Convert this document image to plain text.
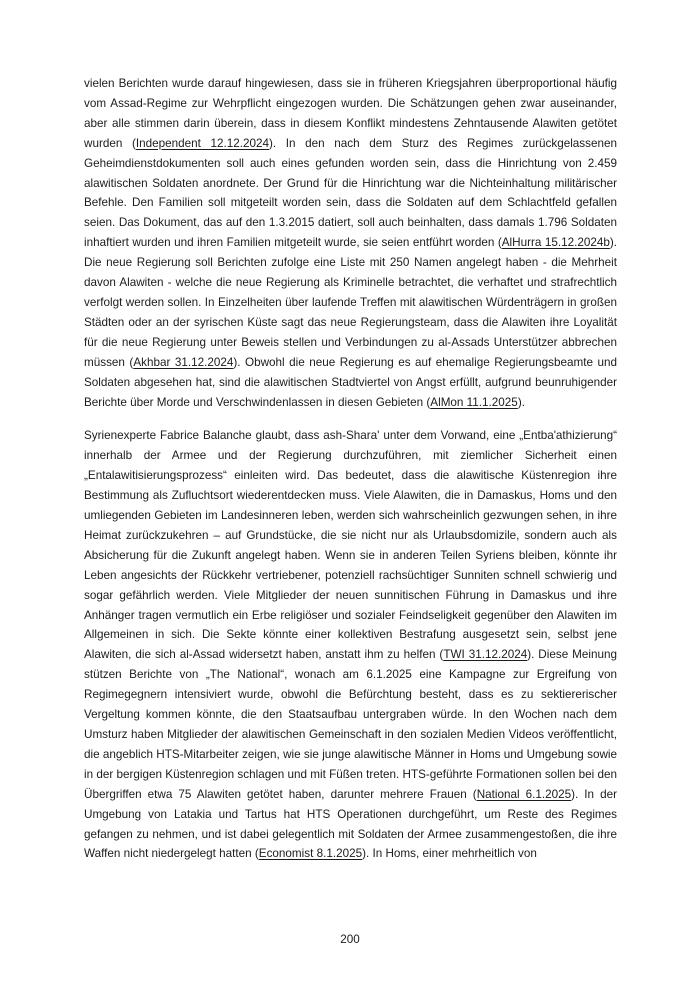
vielen Berichten wurde darauf hingewiesen, dass sie in früheren Kriegsjahren überproportional häufig vom Assad-Regime zur Wehrpflicht eingezogen wurden. Die Schätzungen gehen zwar auseinander, aber alle stimmen darin überein, dass in diesem Konflikt mindestens Zehntausende Alawiten getötet wurden (Independent 12.12.2024). In den nach dem Sturz des Regimes zurückgelassenen Geheimdienstdokumenten soll auch eines gefunden worden sein, dass die Hinrichtung von 2.459 alawitischen Soldaten anordnete. Der Grund für die Hinrichtung war die Nichteinhaltung militärischer Befehle. Den Familien soll mitgeteilt worden sein, dass die Soldaten auf dem Schlachtfeld gefallen seien. Das Dokument, das auf den 1.3.2015 datiert, soll auch beinhalten, dass damals 1.796 Soldaten inhaftiert wurden und ihren Familien mitgeteilt wurde, sie seien entführt worden (AlHurra 15.12.2024b). Die neue Regierung soll Berichten zufolge eine Liste mit 250 Namen angelegt haben - die Mehrheit davon Alawiten - welche die neue Regierung als Kriminelle betrachtet, die verhaftet und strafrechtlich verfolgt werden sollen. In Einzelheiten über laufende Treffen mit alawitischen Würdenträgern in großen Städten oder an der syrischen Küste sagt das neue Regierungsteam, dass die Alawiten ihre Loyalität für die neue Regierung unter Beweis stellen und Verbindungen zu al-Assads Unterstützer abbrechen müssen (Akhbar 31.12.2024). Obwohl die neue Regierung es auf ehemalige Regierungsbeamte und Soldaten abgesehen hat, sind die alawitischen Stadtviertel von Angst erfüllt, aufgrund beunruhigender Berichte über Morde und Verschwindenlassen in diesen Gebieten (AlMon 11.1.2025).

Syrienexperte Fabrice Balanche glaubt, dass ash-Shara' unter dem Vorwand, eine „Entba'athizierung“ innerhalb der Armee und der Regierung durchzuführen, mit ziemlicher Sicherheit einen „Entalawitisierungsprozess“ einleiten wird. Das bedeutet, dass die alawitische Küstenregion ihre Bestimmung als Zufluchtsort wiederentdecken muss. Viele Alawiten, die in Damaskus, Homs und den umliegenden Gebieten im Landesinneren leben, werden sich wahrscheinlich gezwungen sehen, in ihre Heimat zurückzukehren – auf Grundstücke, die sie nicht nur als Urlaubsdomizile, sondern auch als Absicherung für die Zukunft angelegt haben. Wenn sie in anderen Teilen Syriens bleiben, könnte ihr Leben angesichts der Rückkehr vertriebener, potenziell rachsüchtiger Sunniten schnell schwierig und sogar gefährlich werden. Viele Mitglieder der neuen sunnitischen Führung in Damaskus und ihre Anhänger tragen vermutlich ein Erbe religiöser und sozialer Feindseligkeit gegenüber den Alawiten im Allgemeinen in sich. Die Sekte könnte einer kollektiven Bestrafung ausgesetzt sein, selbst jene Alawiten, die sich al-Assad widersetzt haben, anstatt ihm zu helfen (TWI 31.12.2024). Diese Meinung stützen Berichte von „The National“, wonach am 6.1.2025 eine Kampagne zur Ergreifung von Regimegegnern intensiviert wurde, obwohl die Befürchtung besteht, dass es zu sektiererischer Vergeltung kommen könnte, die den Staatsaufbau untergraben würde. In den Wochen nach dem Umsturz haben Mitglieder der alawitischen Gemeinschaft in den sozialen Medien Videos veröffentlicht, die angeblich HTS-Mitarbeiter zeigen, wie sie junge alawitische Männer in Homs und Umgebung sowie in der bergigen Küstenregion schlagen und mit Füßen treten. HTS-geführte Formationen sollen bei den Übergriffen etwa 75 Alawiten getötet haben, darunter mehrere Frauen (National 6.1.2025). In der Umgebung von Latakia und Tartus hat HTS Operationen durchgeführt, um Reste des Regimes gefangen zu nehmen, und ist dabei gelegentlich mit Soldaten der Armee zusammengestoßen, die ihre Waffen nicht niedergelegt hatten (Economist 8.1.2025). In Homs, einer mehrheitlich von

200
